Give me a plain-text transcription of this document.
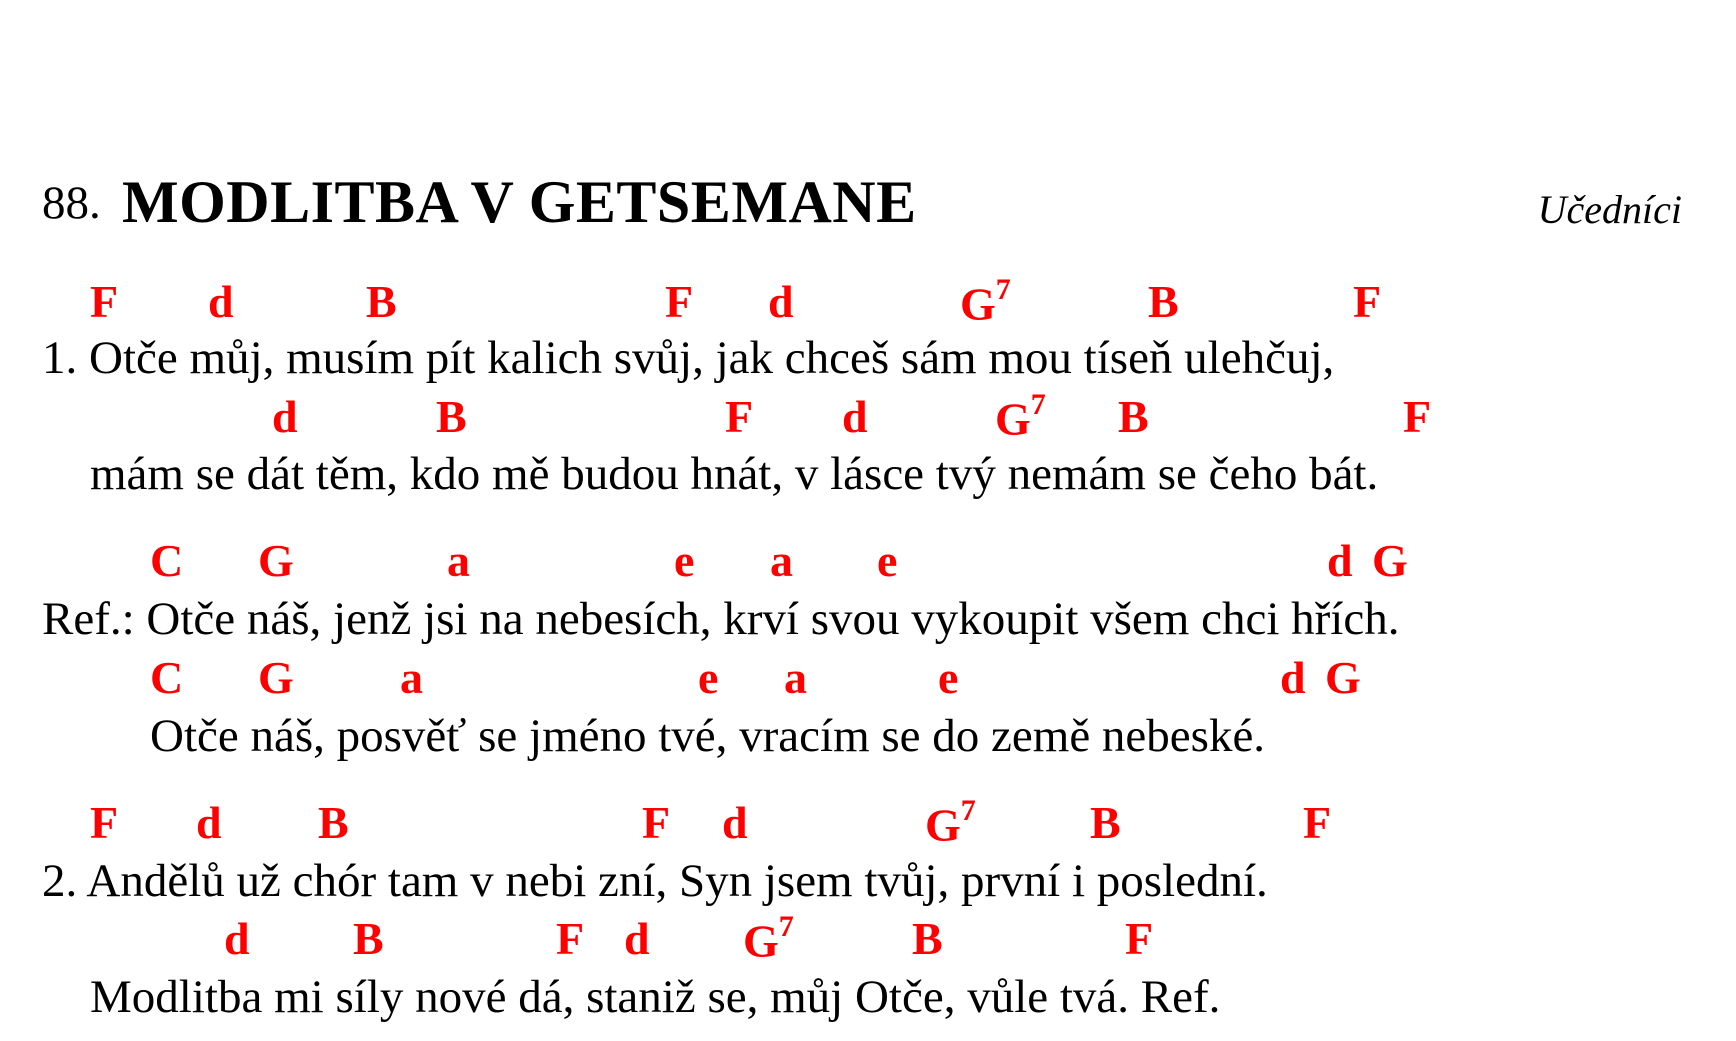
88. MODLITBA V GETSEMANE	Učedníci
F d	B	F d	$G^7$	B	F
1. Otče můj, musím pít kalich svůj, jak chceš sám mou tíseň ulehčuj,
d	B	F d	$G^7$ B	F
mám se dát těm, kdo mě budou hnát, v lásce tvý nemám se čeho bát.
C G	a	e a e	d G
Ref.: Otče náš, jenž jsi na nebesích, krví svou vykoupit všem chci hřích.
C G a	e a	e	d G
Otče náš, posvěť se jméno tvé, vracím se do země nebeské.
F d B	F d	$G^7$ B	F
2. Andělů už chór tam v nebi zní, Syn jsem tvůj, první i poslední.
d B	F d $G^7$	B	F
Modlitba mi síly nové dá, staniž se, můj Otče, vůle tvá. Ref.
